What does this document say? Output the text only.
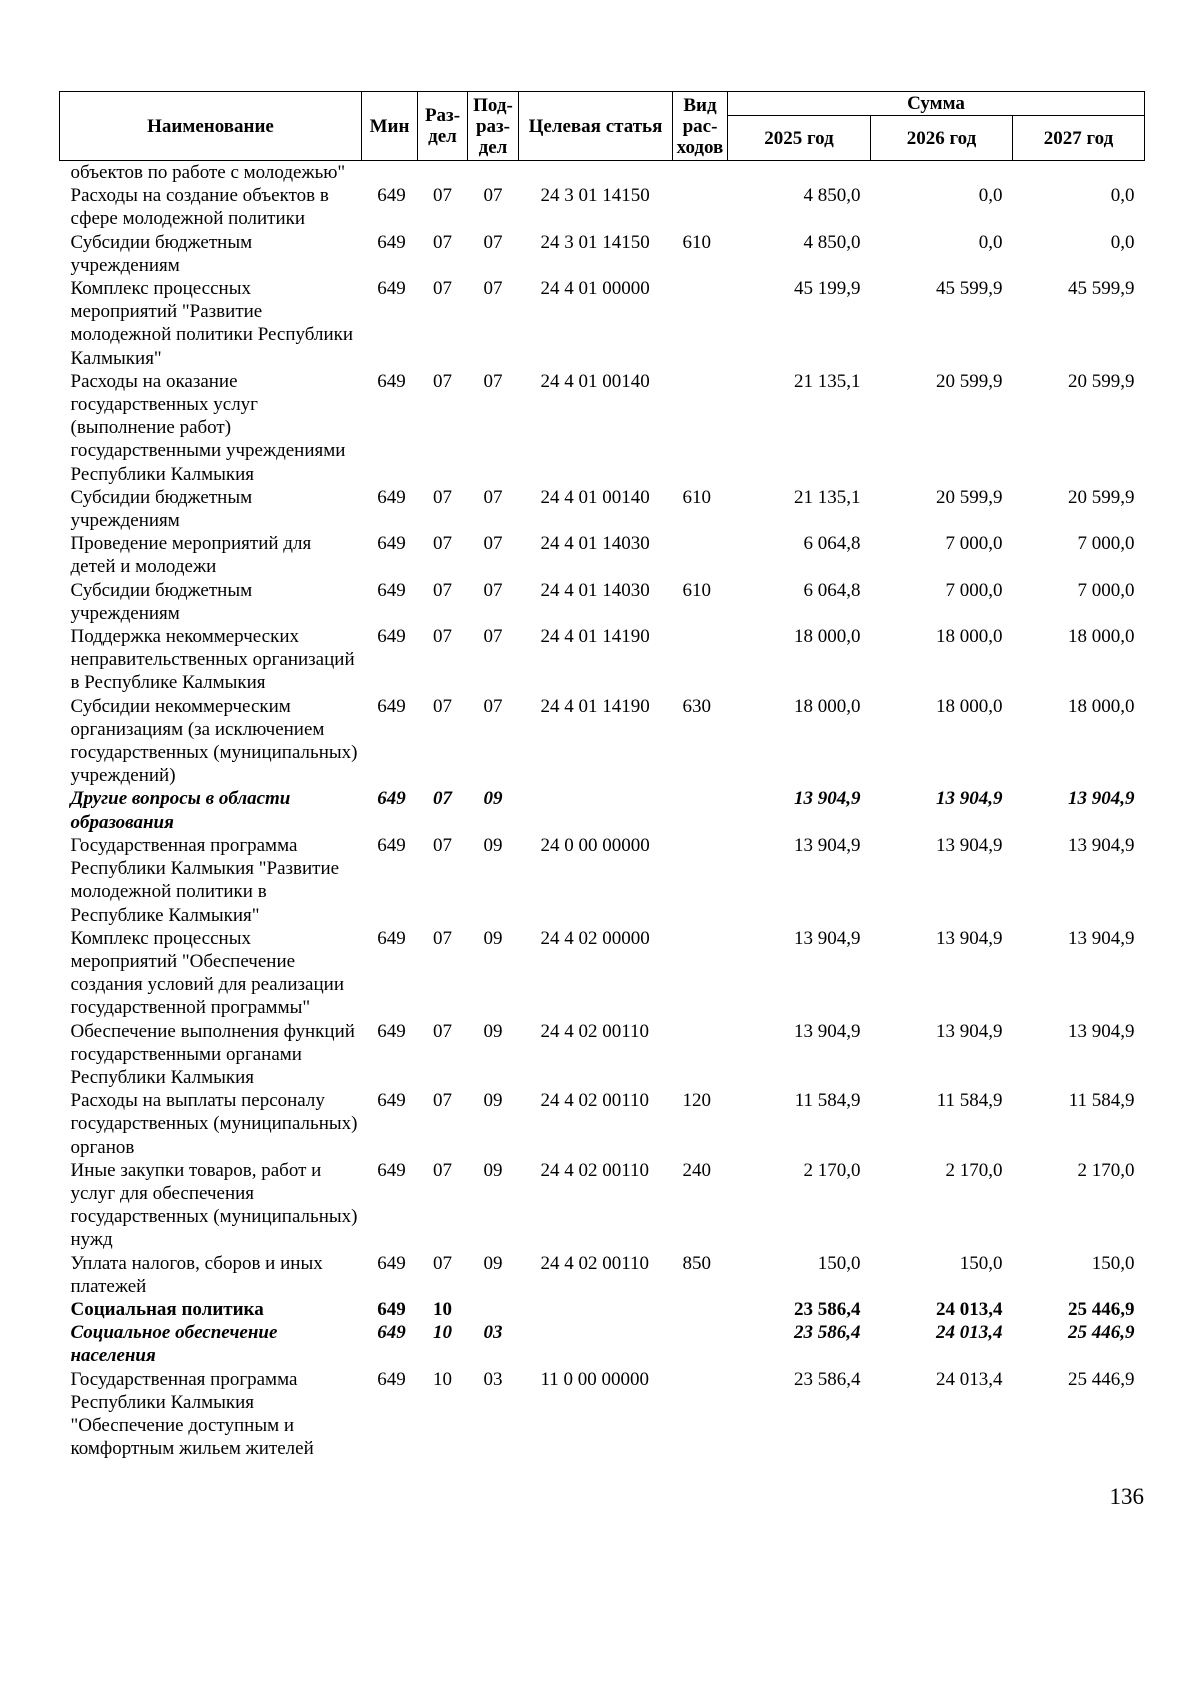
Наименование	Мин	Раз-дел	Под-раз-дел	Целевая статья	Вид рас-ходов	Сумма		
						2025 год	2026 год	2027 год
объектов по работе с молодежью"								
Расходы на создание объектов в сфере молодежной политики	649	07	07	24 3 01 14150		4 850,0	0,0	0,0
Субсидии бюджетным учреждениям	649	07	07	24 3 01 14150	610	4 850,0	0,0	0,0
Комплекс процессных мероприятий "Развитие молодежной политики Республики Калмыкия"	649	07	07	24 4 01 00000		45 199,9	45 599,9	45 599,9
Расходы на оказание государственных услуг (выполнение работ) государственными учреждениями Республики Калмыкия	649	07	07	24 4 01 00140		21 135,1	20 599,9	20 599,9
Субсидии бюджетным учреждениям	649	07	07	24 4 01 00140	610	21 135,1	20 599,9	20 599,9
Проведение мероприятий для детей и молодежи	649	07	07	24 4 01 14030		6 064,8	7 000,0	7 000,0
Субсидии бюджетным учреждениям	649	07	07	24 4 01 14030	610	6 064,8	7 000,0	7 000,0
Поддержка некоммерческих неправительственных организаций в Республике Калмыкия	649	07	07	24 4 01 14190		18 000,0	18 000,0	18 000,0
Субсидии некоммерческим организациям (за исключением государственных (муниципальных) учреждений)	649	07	07	24 4 01 14190	630	18 000,0	18 000,0	18 000,0
Другие вопросы в области образования	649	07	09			13 904,9	13 904,9	13 904,9
Государственная программа Республики Калмыкия "Развитие молодежной политики в Республике Калмыкия"	649	07	09	24 0 00 00000		13 904,9	13 904,9	13 904,9
Комплекс процессных мероприятий "Обеспечение создания условий для реализации государственной программы"	649	07	09	24 4 02 00000		13 904,9	13 904,9	13 904,9
Обеспечение выполнения функций государственными органами Республики Калмыкия	649	07	09	24 4 02 00110		13 904,9	13 904,9	13 904,9
Расходы на выплаты персоналу государственных (муниципальных) органов	649	07	09	24 4 02 00110	120	11 584,9	11 584,9	11 584,9
Иные закупки товаров, работ и услуг для обеспечения государственных (муниципальных) нужд	649	07	09	24 4 02 00110	240	2 170,0	2 170,0	2 170,0
Уплата налогов, сборов и иных платежей	649	07	09	24 4 02 00110	850	150,0	150,0	150,0
Социальная политика	649	10				23 586,4	24 013,4	25 446,9
Социальное обеспечение населения	649	10	03			23 586,4	24 013,4	25 446,9
Государственная программа Республики Калмыкия "Обеспечение доступным и комфортным жильем жителей	649	10	03	11 0 00 00000		23 586,4	24 013,4	25 446,9
136
